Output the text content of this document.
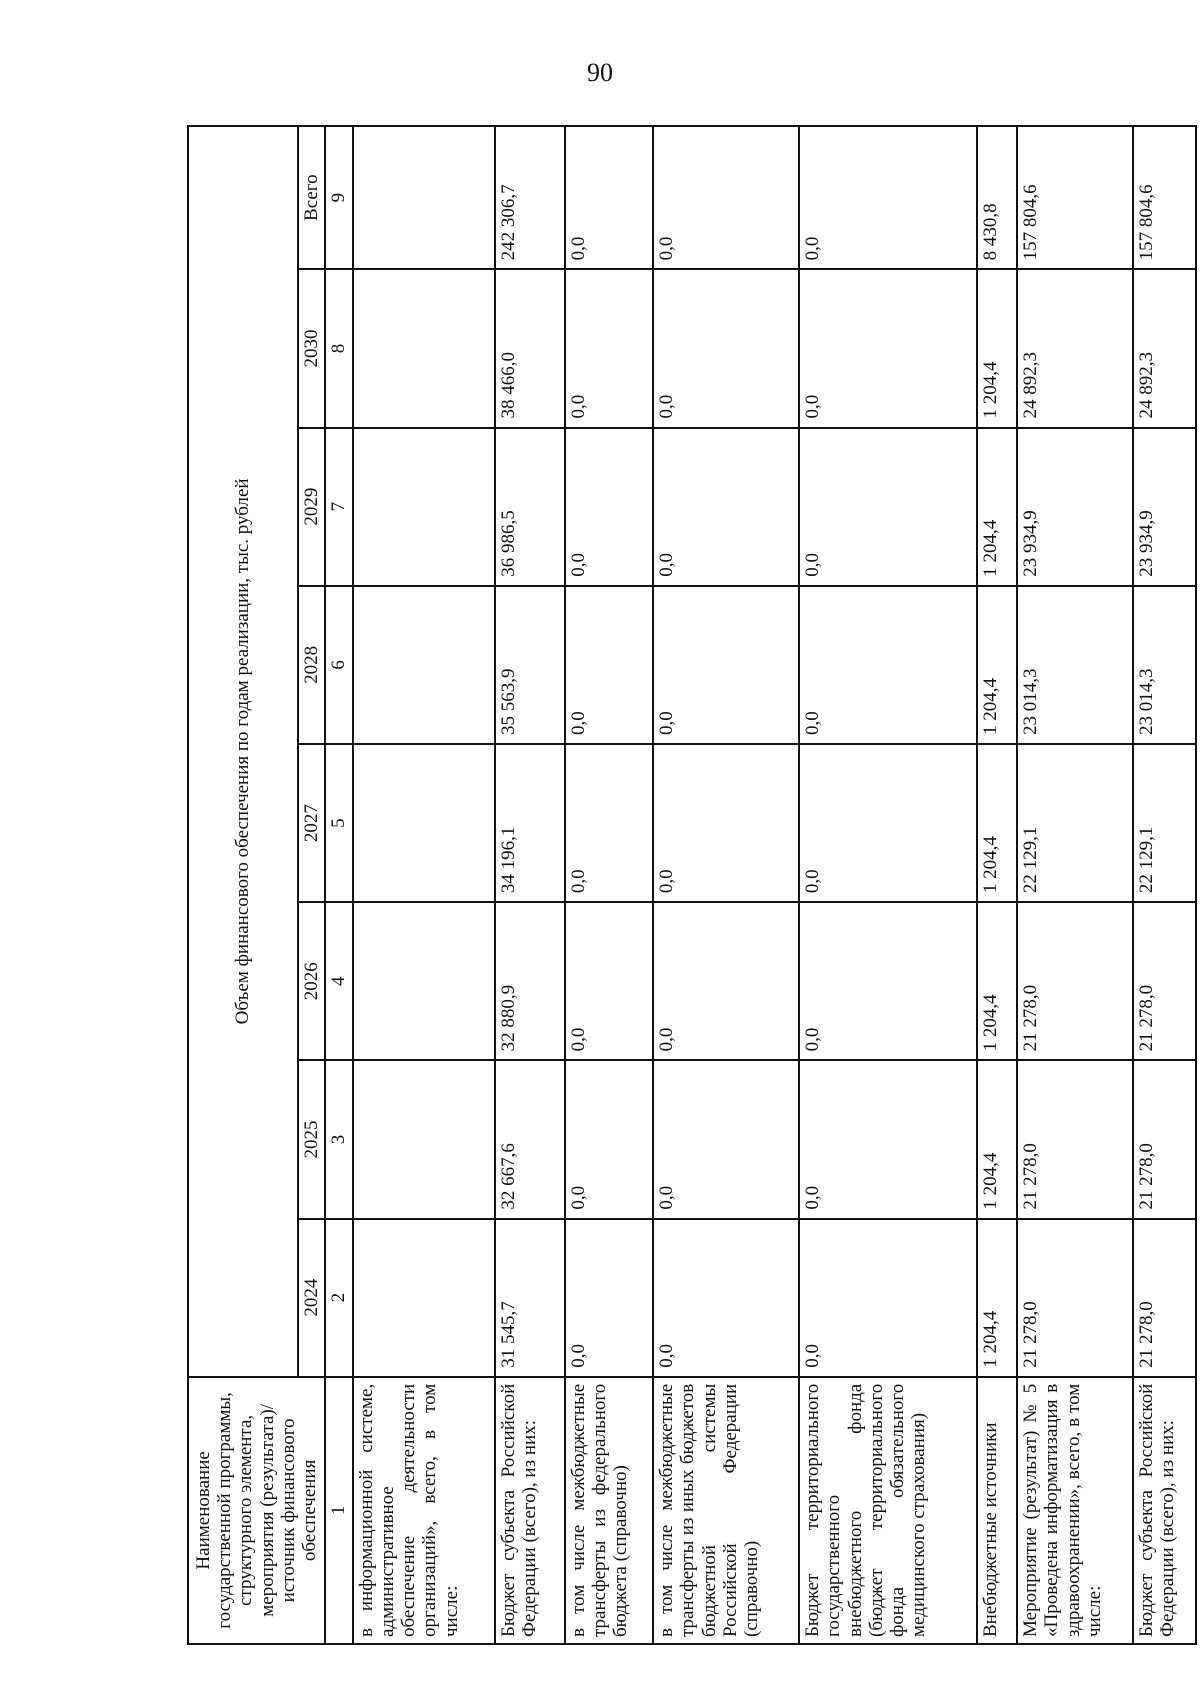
90
Наименование государственной программы, структурного элемента, мероприятия (результата)/источник финансового обеспечения	Объем финансового обеспечения по годам реализации, тыс. рублей							
	2024	2025	2026	2027	2028	2029	2030	Всего
1	2	3	4	5	6	7	8	9
в информационной системе, административное обеспечение деятельности организаций», всего, в том числе:								
Бюджет субъекта Российской Федерации (всего), из них:	31 545,7	32 667,6	32 880,9	34 196,1	35 563,9	36 986,5	38 466,0	242 306,7
в том числе межбюджетные трансферты из федерального бюджета (справочно)	0,0	0,0	0,0	0,0	0,0	0,0	0,0	0,0
в том числе межбюджетные трансферты из иных бюджетов бюджетной системы Российской Федерации (справочно)	0,0	0,0	0,0	0,0	0,0	0,0	0,0	0,0
Бюджет территориального государственного внебюджетного фонда (бюджет территориального фонда обязательного медицинского страхования)	0,0	0,0	0,0	0,0	0,0	0,0	0,0	0,0
Внебюджетные источники	1 204,4	1 204,4	1 204,4	1 204,4	1 204,4	1 204,4	1 204,4	8 430,8
Мероприятие (результат) № 5 «Проведена информатизация в здравоохранении», всего, в том числе:	21 278,0	21 278,0	21 278,0	22 129,1	23 014,3	23 934,9	24 892,3	157 804,6
Бюджет субъекта Российской Федерации (всего), из них:	21 278,0	21 278,0	21 278,0	22 129,1	23 014,3	23 934,9	24 892,3	157 804,6
